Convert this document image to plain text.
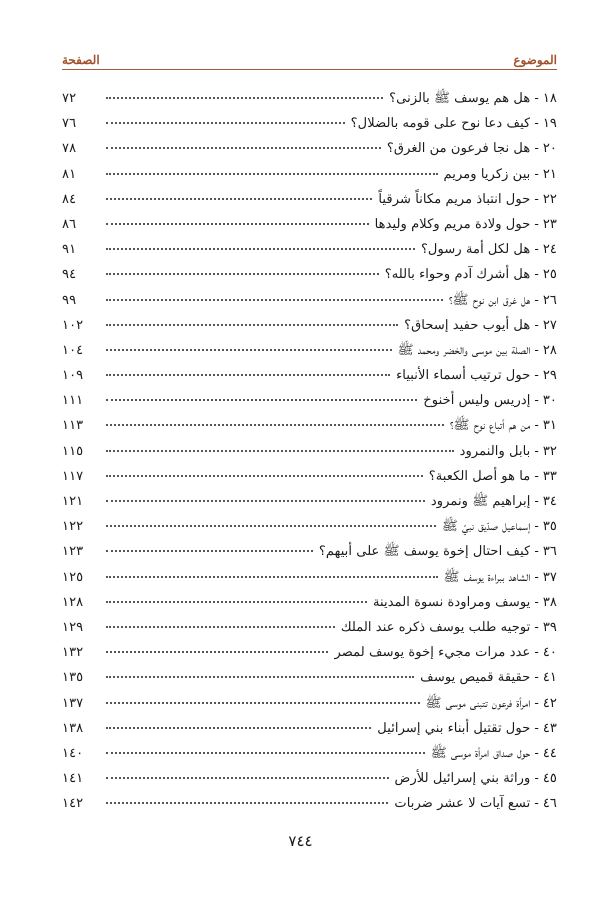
الموضوع
الصفحة
١٨
-
هل هم يوسف ﷺ بالزنى؟
٧٢
١٩
-
كيف دعا نوح على قومه بالضلال؟
٧٦
٢٠
-
هل نجا فرعون من الغرق؟
٧٨
٢١
-
بين زكريا ومريم
٨١
٢٢
-
حول انتباذ مريم مكاناً شرقياً
٨٤
٢٣
-
حول ولادة مريم وكلام وليدها
٨٦
٢٤
-
هل لكل أمة رسول؟
٩١
٢٥
-
هل أشرك آدم وحواء بالله؟
٩٤
٢٦
-
هل غرق ابن نوح ﷺ؟
٩٩
٢٧
-
هل أيوب حفيد إسحاق؟
١٠٢
٢٨
-
الصلة بين موسى والخضر ومحمد ﷺ
١٠٤
٢٩
-
حول ترتيب أسماء الأنبياء
١٠٩
٣٠
-
إدريس وليس أخنوخ
١١١
٣١
-
من هم أتباع نوح ﷺ؟
١١٣
٣٢
-
بابل والنمرود
١١٥
٣٣
-
ما هو أصل الكعبة؟
١١٧
٣٤
-
إبراهيم ﷺ ونمرود
١٢١
٣٥
-
إسماعيل صدّيق نبيّ ﷺ
١٢٢
٣٦
-
كيف احتال إخوة يوسف ﷺ على أبيهم؟
١٢٣
٣٧
-
الشاهد ببراءة يوسف ﷺ
١٢٥
٣٨
-
يوسف ومراودة نسوة المدينة
١٢٨
٣٩
-
توجيه طلب يوسف ذكره عند الملك
١٢٩
٤٠
-
عدد مرات مجيء إخوة يوسف لمصر
١٣٢
٤١
-
حقيقة قميص يوسف
١٣٥
٤٢
-
امرأة فرعون تتبنى موسى ﷺ
١٣٧
٤٣
-
حول تقتيل أبناء بني إسرائيل
١٣٨
٤٤
-
حول صداق امرأة موسى ﷺ
١٤٠
٤٥
-
وراثة بني إسرائيل للأرض
١٤١
٤٦
-
تسع آيات لا عشر ضربات
١٤٢
٧٤٤
